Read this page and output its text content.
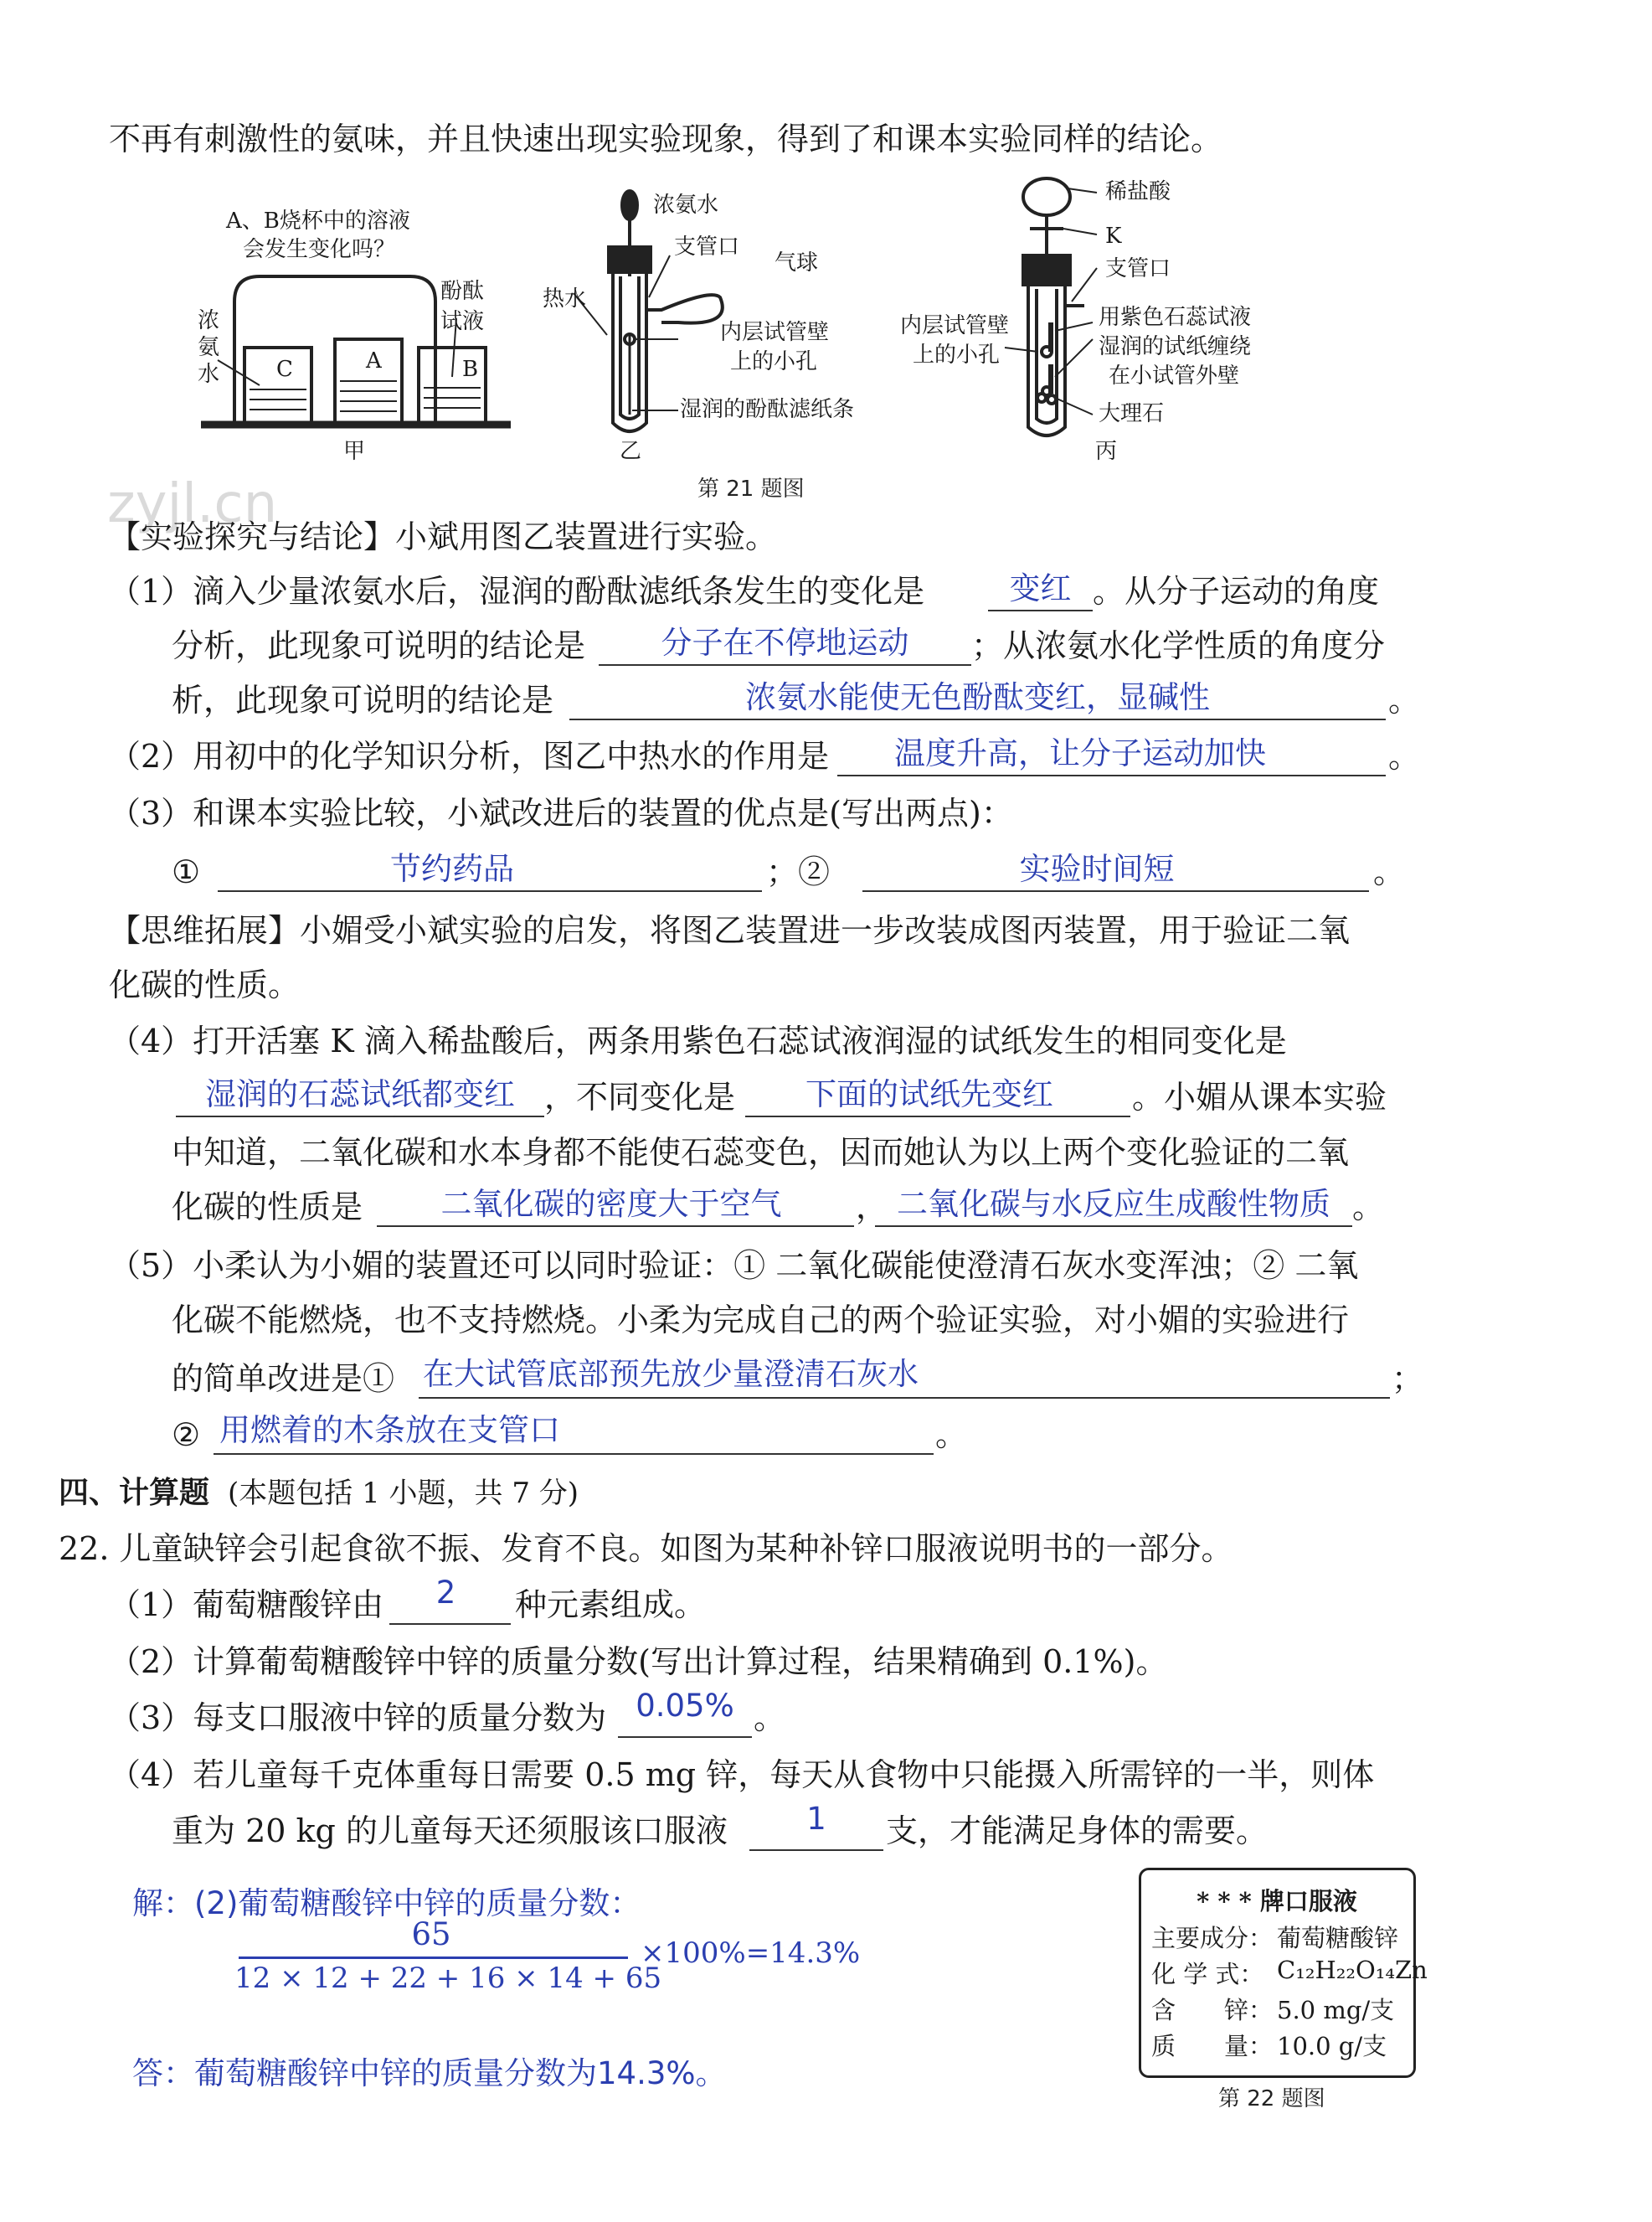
不再有刺激性的氨味，并且快速出现实验现象，得到了和课本实验同样的结论。
A、B烧杯中的溶液
会发生变化吗？
浓
氨
水
酚酞
试液
C	A	B
甲
浓氨水
支管口
气球
热水
内层试管壁
上的小孔
湿润的酚酞滤纸条
乙
稀盐酸
K
支管口
内层试管壁
上的小孔
用紫色石蕊试液
湿润的试纸缠绕
在小试管外壁
大理石
丙
第 21 题图
zyjl.cn
【实验探究与结论】小斌用图乙装置进行实验。
（1）滴入少量浓氨水后，湿润的酚酞滤纸条发生的变化是	变红 。从分子运动的角度
分析，此现象可说明的结论是	分子在不停地运动	；从浓氨水化学性质的角度分
析，此现象可说明的结论是	浓氨水能使无色酚酞变红，显碱性	。
（2）用初中的化学知识分析，图乙中热水的作用是	温度升高，让分子运动加快	。
（3）和课本实验比较，小斌改进后的装置的优点是(写出两点)：
①	节约药品	；②	实验时间短	。
【思维拓展】小媚受小斌实验的启发，将图乙装置进一步改装成图丙装置，用于验证二氧
化碳的性质。
（4）打开活塞 K 滴入稀盐酸后，两条用紫色石蕊试液润湿的试纸发生的相同变化是
湿润的石蕊试纸都变红 ，不同变化是	下面的试纸先变红	。小媚从课本实验
中知道，二氧化碳和水本身都不能使石蕊变色，因而她认为以上两个变化验证的二氧
化碳的性质是	二氧化碳的密度大于空气	， 二氧化碳与水反应生成酸性物质 。
（5）小柔认为小媚的装置还可以同时验证：① 二氧化碳能使澄清石灰水变浑浊；② 二氧
化碳不能燃烧，也不支持燃烧。小柔为完成自己的两个验证实验，对小媚的实验进行
的简单改进是① 在大试管底部预先放少量澄清石灰水	；
② 用燃着的木条放在支管口	。
四、计算题 (本题包括 1 小题，共 7 分)
22. 儿童缺锌会引起食欲不振、发育不良。如图为某种补锌口服液说明书的一部分。
（1）葡萄糖酸锌由	2	种元素组成。
（2）计算葡萄糖酸锌中锌的质量分数(写出计算过程，结果精确到 0.1%)。
（3）每支口服液中锌的质量分数为 0.05% 。
（4）若儿童每千克体重每日需要 0.5 mg 锌，每天从食物中只能摄入所需锌的一半，则体
重为 20 kg 的儿童每天还须服该口服液	1	支，才能满足身体的需要。
解：(2)葡萄糖酸锌中锌的质量分数：
65
12 × 12 + 22 + 16 × 14 + 65
×100%=14.3%
答：葡萄糖酸锌中锌的质量分数为14.3%。
* * * 牌口服液
主要成分： 葡萄糖酸锌
化 学 式： C₁₂H₂₂O₁₄Zn
含　　锌： 5.0 mg/支
质　　量： 10.0 g/支
第 22 题图
